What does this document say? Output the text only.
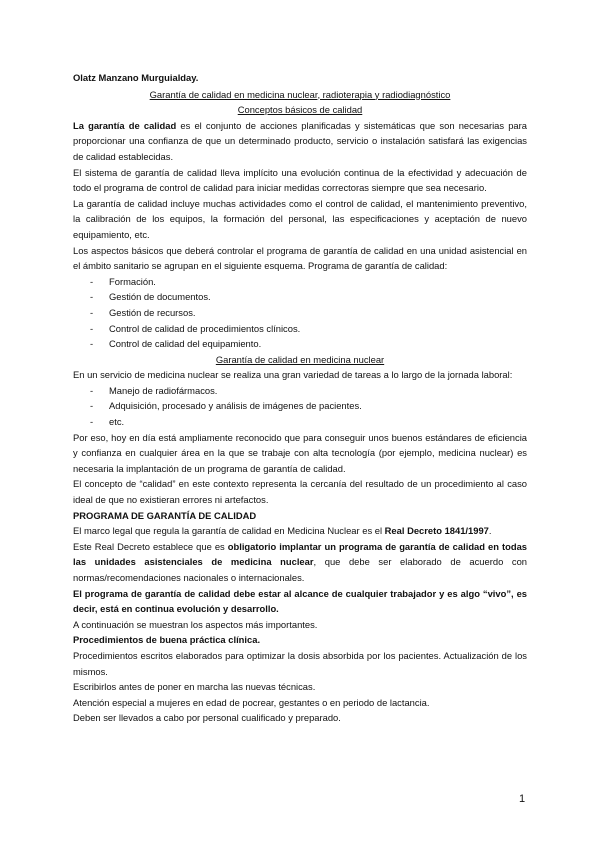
Olatz Manzano Murguialday.

Garantía de calidad en medicina nuclear, radioterapia y radiodiagnóstico

Conceptos básicos de calidad

La garantía de calidad es el conjunto de acciones planificadas y sistemáticas que son necesarias para proporcionar una confianza de que un determinado producto, servicio o instalación satisfará las exigencias de calidad establecidas.

El sistema de garantía de calidad lleva implícito una evolución continua de la efectividad y adecuación de todo el programa de control de calidad para iniciar medidas correctoras siempre que sea necesario.

La garantía de calidad incluye muchas actividades como el control de calidad, el mantenimiento preventivo, la calibración de los equipos, la formación del personal, las especificaciones y aceptación de nuevo equipamiento, etc.

Los aspectos básicos que deberá controlar el programa de garantía de calidad en una unidad asistencial en el ámbito sanitario se agrupan en el siguiente esquema. Programa de garantía de calidad:

- Formación.
- Gestión de documentos.
- Gestión de recursos.
- Control de calidad de procedimientos clínicos.
- Control de calidad del equipamiento.

Garantía de calidad en medicina nuclear

En un servicio de medicina nuclear se realiza una gran variedad de tareas a lo largo de la jornada laboral:

- Manejo de radiofármacos.
- Adquisición, procesado y análisis de imágenes de pacientes.
- etc.

Por eso, hoy en día está ampliamente reconocido que para conseguir unos buenos estándares de eficiencia y confianza en cualquier área en la que se trabaje con alta tecnología (por ejemplo, medicina nuclear) es necesaria la implantación de un programa de garantía de calidad.

El concepto de “calidad” en este contexto representa la cercanía del resultado de un procedimiento al caso ideal de que no existieran errores ni artefactos.

PROGRAMA DE GARANTÍA DE CALIDAD

El marco legal que regula la garantía de calidad en Medicina Nuclear es el Real Decreto 1841/1997.

Este Real Decreto establece que es obligatorio implantar un programa de garantía de calidad en todas las unidades asistenciales de medicina nuclear, que debe ser elaborado de acuerdo con normas/recomendaciones nacionales o internacionales.

El programa de garantía de calidad debe estar al alcance de cualquier trabajador y es algo “vivo”, es decir, está en continua evolución y desarrollo.

A continuación se muestran los aspectos más importantes.

Procedimientos de buena práctica clínica.

Procedimientos escritos elaborados para optimizar la dosis absorbida por los pacientes. Actualización de los mismos.

Escribirlos antes de poner en marcha las nuevas técnicas.

Atención especial a mujeres en edad de pocrear, gestantes o en periodo de lactancia.

Deben ser llevados a cabo por personal cualificado y preparado.

1
